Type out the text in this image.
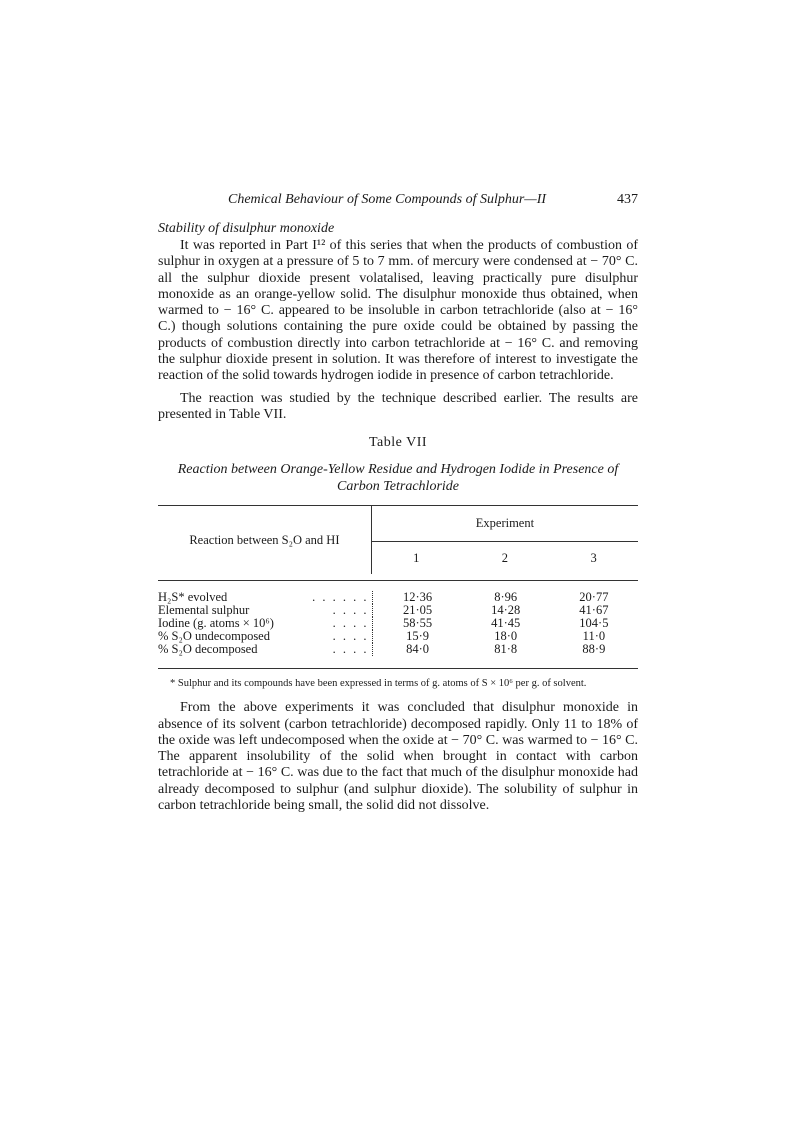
Chemical Behaviour of Some Compounds of Sulphur—II	437
Stability of disulphur monoxide

It was reported in Part I¹² of this series that when the products of combustion of sulphur in oxygen at a pressure of 5 to 7 mm. of mercury were condensed at − 70° C. all the sulphur dioxide present volatalised, leaving practically pure disulphur monoxide as an orange-yellow solid. The disulphur monoxide thus obtained, when warmed to − 16° C. appeared to be insoluble in carbon tetrachloride (also at − 16° C.) though solutions containing the pure oxide could be obtained by passing the products of combustion directly into carbon tetrachloride at − 16° C. and removing the sulphur dioxide present in solution. It was therefore of interest to investigate the reaction of the solid towards hydrogen iodide in presence of carbon tetrachloride.

The reaction was studied by the technique described earlier. The results are presented in Table VII.

Table VII
Reaction between Orange-Yellow Residue and Hydrogen Iodide in Presence of
Carbon Tetrachloride
Reaction between S₂O and HI	Experiment		
	1	2	3
H₂S* evolved . . . . . .	12·36	8·96	20·77
Elemental sulphur . . . .	21·05	14·28	41·67
Iodine (g. atoms × 10⁶) . . . .	58·55	41·45	104·5
% S₂O undecomposed . . . .	15·9	18·0	11·0
% S₂O decomposed . . . .	84·0	81·8	88·9
* Sulphur and its compounds have been expressed in terms of g. atoms of S × 10⁶ per g. of solvent.

From the above experiments it was concluded that disulphur monoxide in absence of its solvent (carbon tetrachloride) decomposed rapidly. Only 11 to 18% of the oxide was left undecomposed when the oxide at − 70° C. was warmed to − 16° C. The apparent insolubility of the solid when brought in contact with carbon tetrachloride at − 16° C. was due to the fact that much of the disulphur monoxide had already decomposed to sulphur (and sulphur dioxide). The solubility of sulphur in carbon tetrachloride being small, the solid did not dissolve.
